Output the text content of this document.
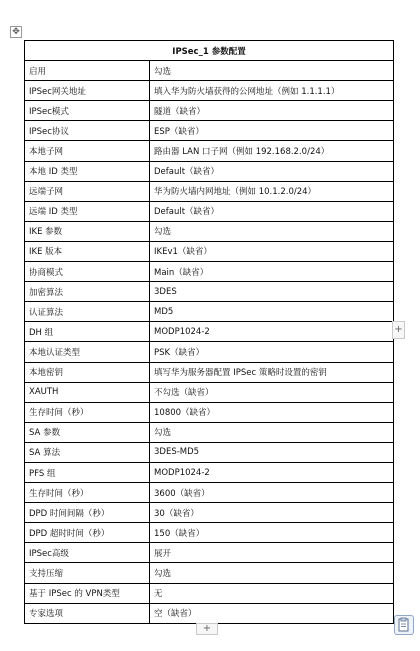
✥
IPSec_1 参数配置	
启用	勾选
IPSec网关地址	填入华为防火墙获得的公网地址（例如 1.1.1.1）
IPSec模式	隧道（缺省）
IPSec协议	ESP（缺省）
本地子网	路由器 LAN 口子网（例如 192.168.2.0/24）
本地 ID 类型	Default（缺省）
远端子网	华为防火墙内网地址（例如 10.1.2.0/24）
远端 ID 类型	Default（缺省）
IKE 参数	勾选
IKE 版本	IKEv1（缺省）
协商模式	Main（缺省）
加密算法	3DES
认证算法	MD5
DH 组	MODP1024-2
本地认证类型	PSK（缺省）
本地密钥	填写华为服务器配置 IPSec 策略时设置的密钥
XAUTH	不勾选（缺省）
生存时间（秒）	10800（缺省）
SA 参数	勾选
SA 算法	3DES-MD5
PFS 组	MODP1024-2
生存时间（秒）	3600（缺省）
DPD 时间间隔（秒）	30（缺省）
DPD 超时时间（秒）	150（缺省）
IPSec高级	展开
支持压缩	勾选
基于 IPSec 的 VPN类型	无
专家选项	空（缺省）
+
+
